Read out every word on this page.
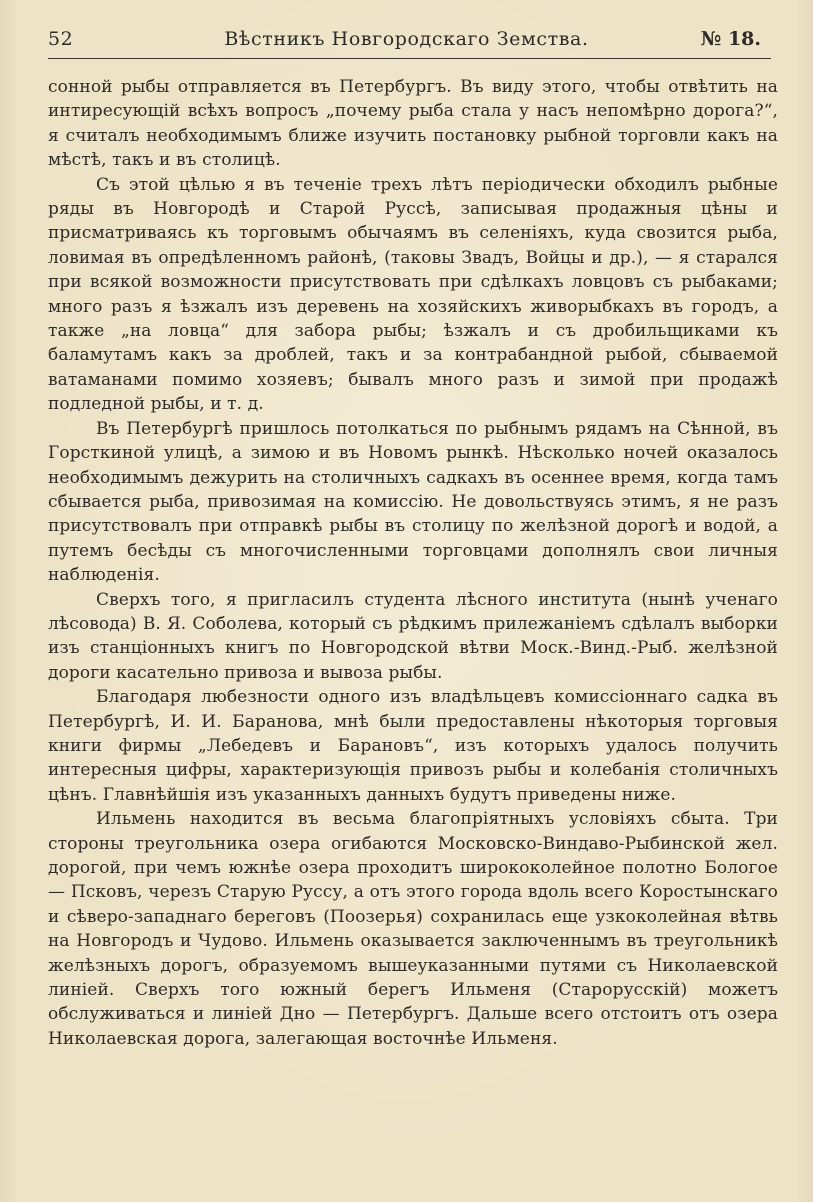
52	Вѣстникъ Новгородскаго Земства.	№ 18.

сонной рыбы отправляется въ Петербургъ. Въ виду этого, чтобы отвѣтить на интиресующій всѣхъ вопросъ „почему рыба стала у насъ непомѣрно дорога?“, я считалъ необходимымъ ближе изучить постановку рыбной торговли какъ на мѣстѣ, такъ и въ столицѣ.

Съ этой цѣлью я въ теченіе трехъ лѣтъ періодически обходилъ рыбные ряды въ Новгородѣ и Старой Руссѣ, записывая продажныя цѣны и присматриваясь къ торговымъ обычаямъ въ селеніяхъ, куда свозится рыба, ловимая въ опредѣленномъ районѣ, (таковы Звадъ, Войцы и др.), — я старался при всякой возможности присутствовать при сдѣлкахъ ловцовъ съ рыбаками; много разъ я ѣзжалъ изъ деревень на хозяйскихъ живорыбкахъ въ городъ, а также „на ловца“ для забора рыбы; ѣзжалъ и съ дробильщиками къ баламутамъ какъ за дроблей, такъ и за контрабандной рыбой, сбываемой ватаманами помимо хозяевъ; бывалъ много разъ и зимой при продажѣ подледной рыбы, и т. д.

Въ Петербургѣ пришлось потолкаться по рыбнымъ рядамъ на Сѣнной, въ Горсткиной улицѣ, а зимою и въ Новомъ рынкѣ. Нѣсколько ночей оказалось необходимымъ дежурить на столичныхъ садкахъ въ осеннее время, когда тамъ сбывается рыба, привозимая на комиссію. Не довольствуясь этимъ, я не разъ присутствовалъ при отправкѣ рыбы въ столицу по желѣзной дорогѣ и водой, а путемъ бесѣды съ многочисленными торговцами дополнялъ свои личныя наблюденія.

Сверхъ того, я пригласилъ студента лѣсного института (нынѣ ученаго лѣсовода) В. Я. Соболева, который съ рѣдкимъ прилежаніемъ сдѣлалъ выборки изъ станціонныхъ книгъ по Новгородской вѣтви Моск.-Винд.-Рыб. желѣзной дороги касательно привоза и вывоза рыбы.

Благодаря любезности одного изъ владѣльцевъ комиссіоннаго садка въ Петербургѣ, И. И. Баранова, мнѣ были предоставлены нѣкоторыя торговыя книги фирмы „Лебедевъ и Барановъ“, изъ которыхъ удалось получить интересныя цифры, характеризующія привозъ рыбы и колебанія столичныхъ цѣнъ. Главнѣйшія изъ указанныхъ данныхъ будутъ приведены ниже.

Ильмень находится въ весьма благопріятныхъ условіяхъ сбыта. Три стороны треугольника озера огибаются Московско-Виндаво-Рыбинской жел. дорогой, при чемъ южнѣе озера проходитъ ширококолейное полотно Бологое — Псковъ, черезъ Старую Руссу, а отъ этого города вдоль всего Коростынскаго и сѣверо-западнаго береговъ (Поозерья) сохранилась еще узкоколейная вѣтвь на Новгородъ и Чудово. Ильмень оказывается заключеннымъ въ треугольникѣ желѣзныхъ дорогъ, образуемомъ вышеуказанными путями съ Николаевской линіей. Сверхъ того южный берегъ Ильменя (Старорусскій) можетъ обслуживаться и линіей Дно — Петербургъ. Дальше всего отстоитъ отъ озера Николаевская дорога, залегающая восточнѣе Ильменя.
